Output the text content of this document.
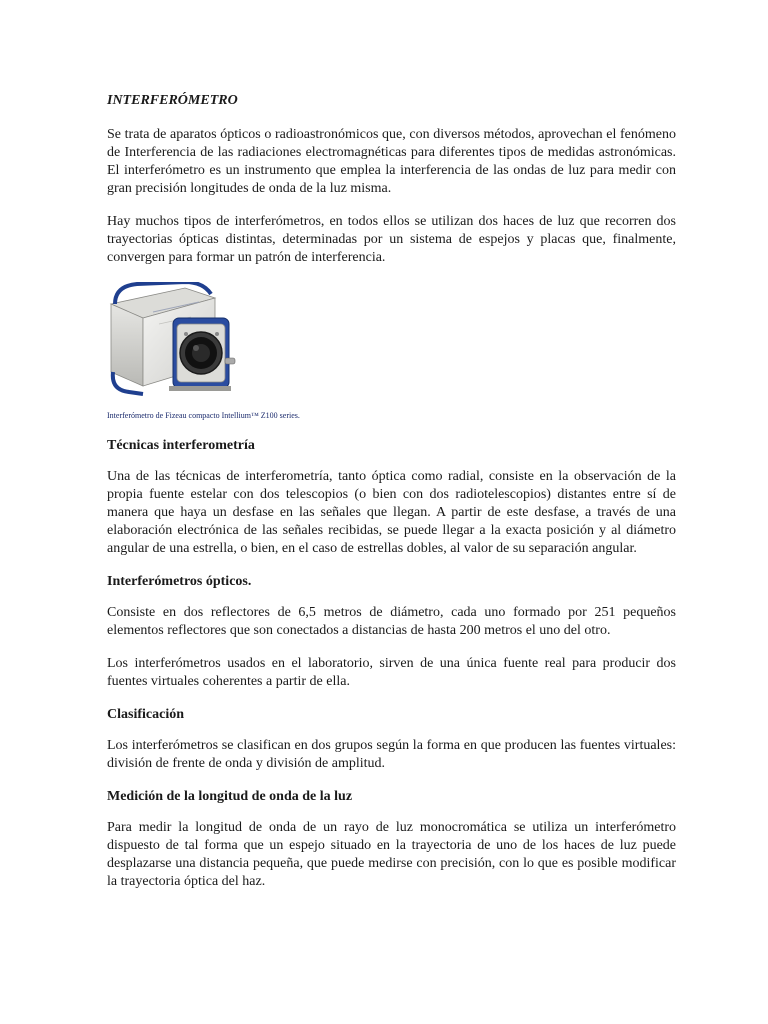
INTERFERÓMETRO

Se trata de aparatos ópticos o radioastronómicos que, con diversos métodos, aprovechan el fenómeno de Interferencia de las radiaciones electromagnéticas para diferentes tipos de medidas astronómicas. El interferómetro es un instrumento que emplea la interferencia de las ondas de luz para medir con gran precisión longitudes de onda de la luz misma.

Hay muchos tipos de interferómetros, en todos ellos se utilizan dos haces de luz que recorren dos trayectorias ópticas distintas, determinadas por un sistema de espejos y placas que, finalmente, convergen para formar un patrón de interferencia.

Interferómetro de Fizeau compacto Intellium™ Z100 series.
Técnicas interferometría

Una de las técnicas de interferometría, tanto óptica como radial, consiste en la observación de la propia fuente estelar con dos telescopios (o bien con dos radiotelescopios) distantes entre sí de manera que haya un desfase en las señales que llegan. A partir de este desfase, a través de una elaboración electrónica de las señales recibidas, se puede llegar a la exacta posición y al diámetro angular de una estrella, o bien, en el caso de estrellas dobles, al valor de su separación angular.

Interferómetros ópticos.

Consiste en dos reflectores de 6,5 metros de diámetro, cada uno formado por 251 pequeños elementos reflectores que son conectados a distancias de hasta 200 metros el uno del otro.

Los interferómetros usados en el laboratorio, sirven de una única fuente real para producir dos fuentes virtuales coherentes a partir de ella.

Clasificación

Los interferómetros se clasifican en dos grupos según la forma en que producen las fuentes virtuales: división de frente de onda y división de amplitud.

Medición de la longitud de onda de la luz

Para medir la longitud de onda de un rayo de luz monocromática se utiliza un interferómetro dispuesto de tal forma que un espejo situado en la trayectoria de uno de los haces de luz puede desplazarse una distancia pequeña, que puede medirse con precisión, con lo que es posible modificar la trayectoria óptica del haz.
